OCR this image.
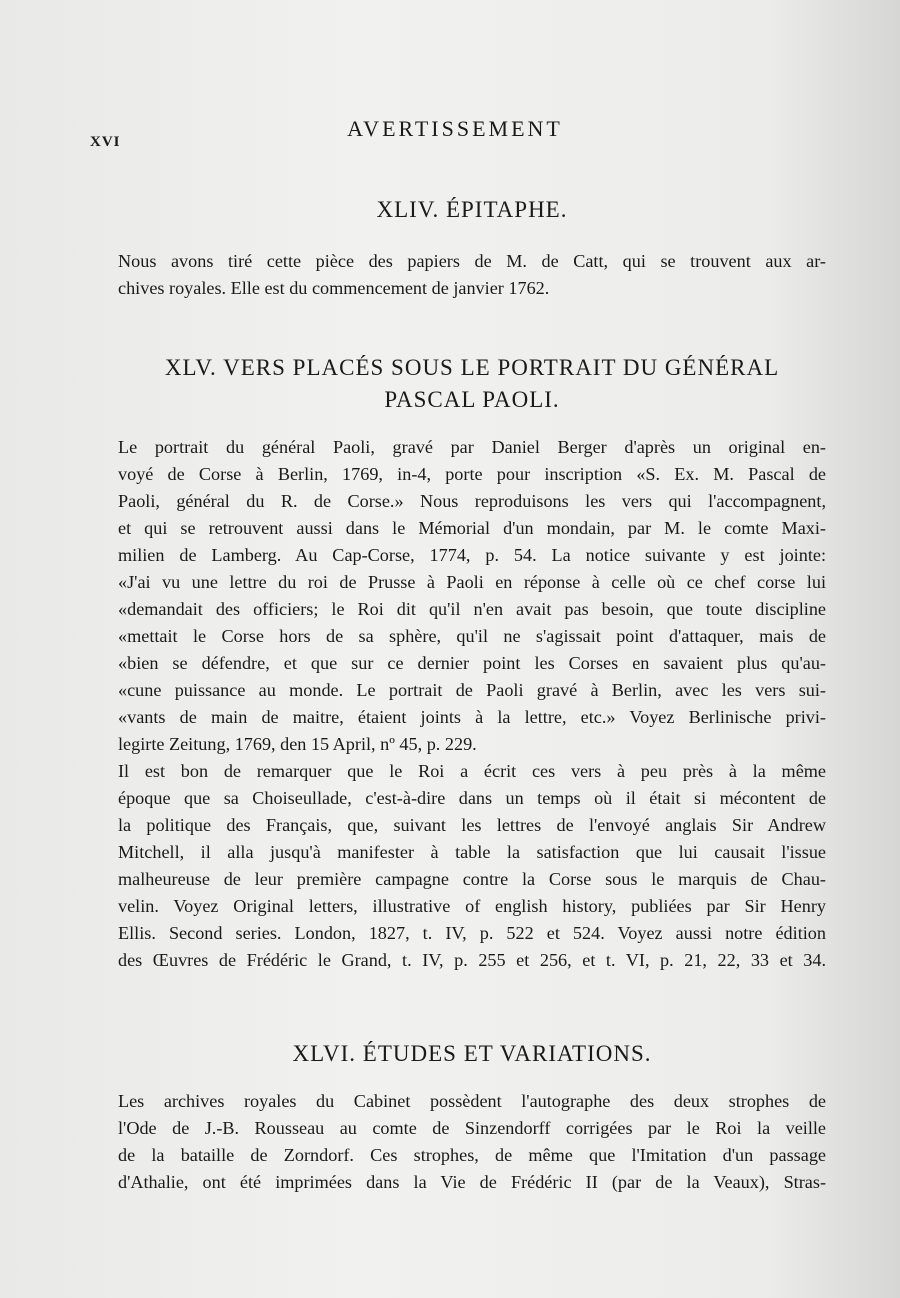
XVI
AVERTISSEMENT
XLIV. ÉPITAPHE.

Nous avons tiré cette pièce des papiers de M. de Catt, qui se trouvent aux ar-
chives royales. Elle est du commencement de janvier 1762.

XLV. VERS PLACÉS SOUS LE PORTRAIT DU GÉNÉRAL
PASCAL PAOLI.

Le portrait du général Paoli, gravé par Daniel Berger d'après un original en-
voyé de Corse à Berlin, 1769, in-4, porte pour inscription «S. Ex. M. Pascal de
Paoli, général du R. de Corse.» Nous reproduisons les vers qui l'accompagnent,
et qui se retrouvent aussi dans le Mémorial d'un mondain, par M. le comte Maxi-
milien de Lamberg. Au Cap-Corse, 1774, p. 54. La notice suivante y est jointe:
«J'ai vu une lettre du roi de Prusse à Paoli en réponse à celle où ce chef corse lui
«demandait des officiers; le Roi dit qu'il n'en avait pas besoin, que toute discipline
«mettait le Corse hors de sa sphère, qu'il ne s'agissait point d'attaquer, mais de
«bien se défendre, et que sur ce dernier point les Corses en savaient plus qu'au-
«cune puissance au monde. Le portrait de Paoli gravé à Berlin, avec les vers sui-
«vants de main de maitre, étaient joints à la lettre, etc.» Voyez Berlinische privi-
legirte Zeitung, 1769, den 15 April, nº 45, p. 229.

Il est bon de remarquer que le Roi a écrit ces vers à peu près à la même
époque que sa Choiseullade, c'est-à-dire dans un temps où il était si mécontent de
la politique des Français, que, suivant les lettres de l'envoyé anglais Sir Andrew
Mitchell, il alla jusqu'à manifester à table la satisfaction que lui causait l'issue
malheureuse de leur première campagne contre la Corse sous le marquis de Chau-
velin. Voyez Original letters, illustrative of english history, publiées par Sir Henry
Ellis. Second series. London, 1827, t. IV, p. 522 et 524. Voyez aussi notre édition
des Œuvres de Frédéric le Grand, t. IV, p. 255 et 256, et t. VI, p. 21, 22, 33 et 34.

XLVI. ÉTUDES ET VARIATIONS.

Les archives royales du Cabinet possèdent l'autographe des deux strophes de
l'Ode de J.-B. Rousseau au comte de Sinzendorff corrigées par le Roi la veille
de la bataille de Zorndorf. Ces strophes, de même que l'Imitation d'un passage
d'Athalie, ont été imprimées dans la Vie de Frédéric II (par de la Veaux), Stras-
